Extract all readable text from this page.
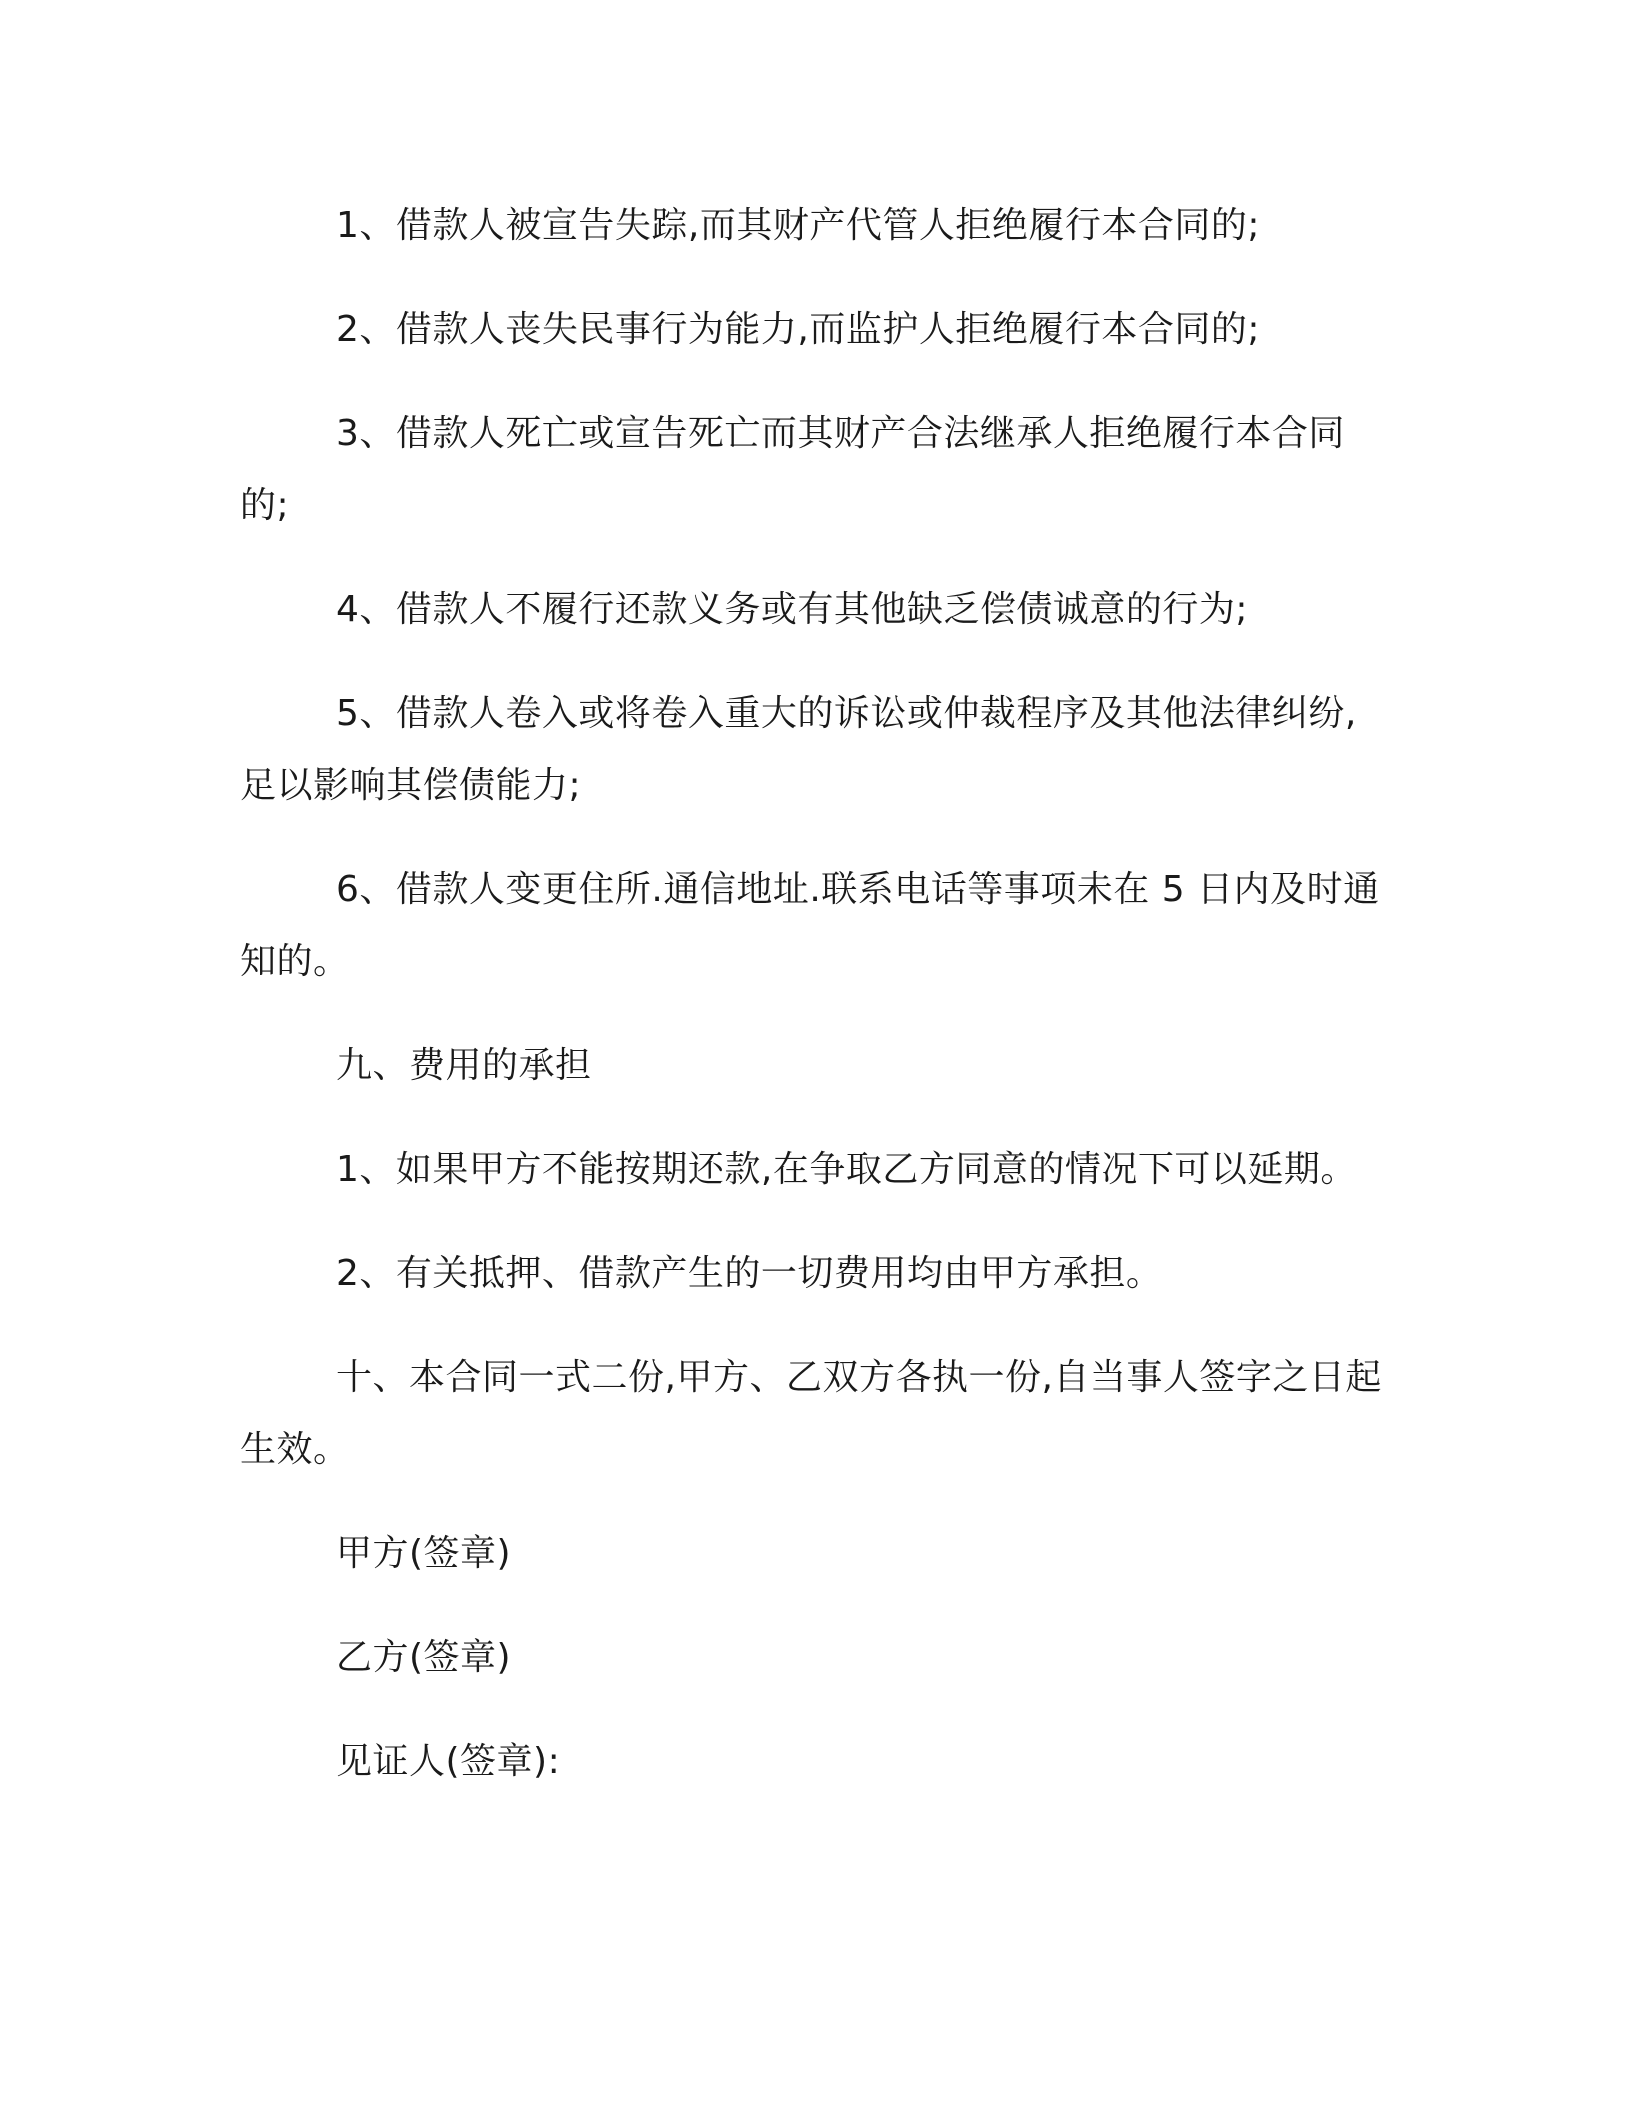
1、借款人被宣告失踪,而其财产代管人拒绝履行本合同的;

2、借款人丧失民事行为能力,而监护人拒绝履行本合同的;

3、借款人死亡或宣告死亡而其财产合法继承人拒绝履行本合同的;

4、借款人不履行还款义务或有其他缺乏偿债诚意的行为;

5、借款人卷入或将卷入重大的诉讼或仲裁程序及其他法律纠纷,足以影响其偿债能力;

6、借款人变更住所.通信地址.联系电话等事项未在 5 日内及时通知的。

九、费用的承担

1、如果甲方不能按期还款,在争取乙方同意的情况下可以延期。

2、有关抵押、借款产生的一切费用均由甲方承担。

十、本合同一式二份,甲方、乙双方各执一份,自当事人签字之日起生效。

甲方(签章)

乙方(签章)

见证人(签章):
